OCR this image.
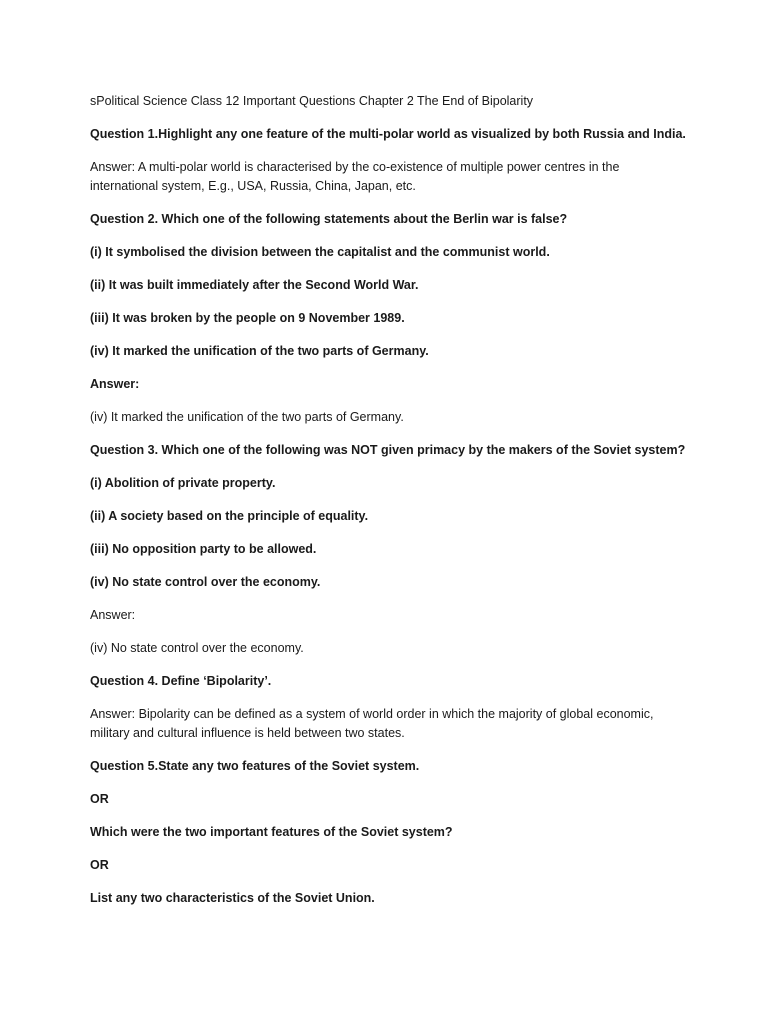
sPolitical Science Class 12 Important Questions Chapter 2 The End of Bipolarity

Question 1.Highlight any one feature of the multi-polar world as visualized by both Russia and India.

Answer: A multi-polar world is characterised by the co-existence of multiple power centres in the international system, E.g., USA, Russia, China, Japan, etc.

Question 2. Which one of the following statements about the Berlin war is false?

(i) It symbolised the division between the capitalist and the communist world.

(ii) It was built immediately after the Second World War.

(iii) It was broken by the people on 9 November 1989.

(iv) It marked the unification of the two parts of Germany.

Answer:

(iv) It marked the unification of the two parts of Germany.

Question 3. Which one of the following was NOT given primacy by the makers of the Soviet system?

(i) Abolition of private property.

(ii) A society based on the principle of equality.

(iii) No opposition party to be allowed.

(iv) No state control over the economy.

Answer:

(iv) No state control over the economy.

Question 4. Define ‘Bipolarity’.

Answer: Bipolarity can be defined as a system of world order in which the majority of global economic, military and cultural influence is held between two states.

Question 5.State any two features of the Soviet system.

OR

Which were the two important features of the Soviet system?

OR

List any two characteristics of the Soviet Union.
